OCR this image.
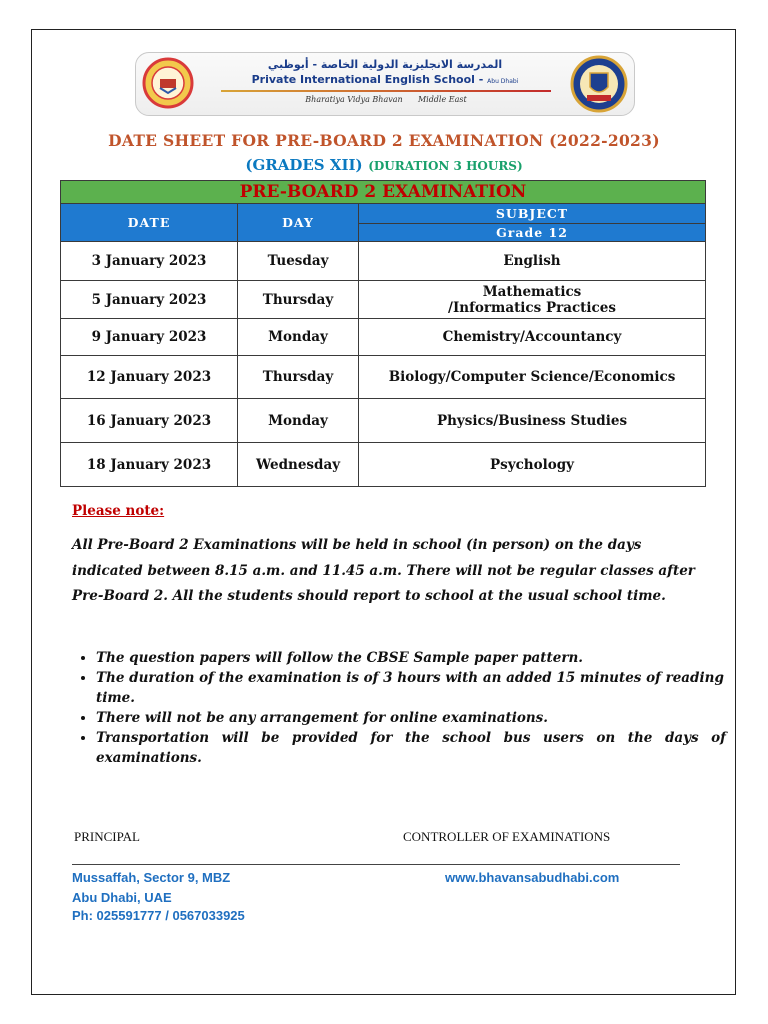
المدرسة الانجليزية الدولية الخاصة - أبوظبي
Private International English School - Abu Dhabi
Bharatiya Vidya Bhavan Middle East
DATE SHEET FOR PRE-BOARD 2 EXAMINATION (2022-2023)
(GRADES XII) (DURATION 3 HOURS)
PRE-BOARD 2 EXAMINATION		
DATE	DAY	SUBJECT
		Grade 12
3 January 2023	Tuesday	English
5 January 2023	Thursday	Mathematics
/Informatics Practices

9 January 2023	Monday	Chemistry/Accountancy
12 January 2023	Thursday	Biology/Computer Science/Economics
16 January 2023	Monday	Physics/Business Studies
18 January 2023	Wednesday	Psychology
Please note:
All Pre-Board 2 Examinations will be held in school (in person) on the days indicated between 8.15 a.m. and 11.45 a.m. There will not be regular classes after Pre-Board 2. All the students should report to school at the usual school time.
• The question papers will follow the CBSE Sample paper pattern.
• The duration of the examination is of 3 hours with an added 15 minutes of reading time.
• There will not be any arrangement for online examinations.
• Transportation will be provided for the school bus users on the days of examinations.
PRINCIPAL	CONTROLLER OF EXAMINATIONS
Mussaffah, Sector 9, MBZ
Abu Dhabi, UAE
Ph: 025591777 / 0567033925
www.bhavansabudhabi.com
